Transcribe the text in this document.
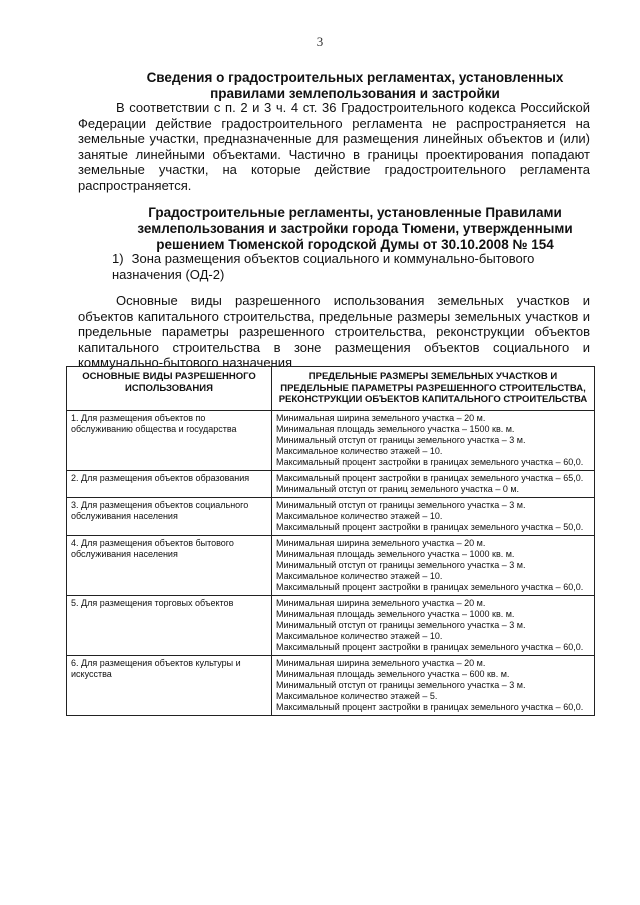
3
Сведения о градостроительных регламентах, установленных правилами землепользования и застройки
В соответствии с п. 2 и 3 ч. 4 ст. 36 Градостроительного кодекса Российской Федерации действие градостроительного регламента не распространяется на земельные участки, предназначенные для размещения линейных объектов и (или) занятые линейными объектами. Частично в границы проектирования попадают земельные участки, на которые действие градостроительного регламента распространяется.
Градостроительные регламенты, установленные Правилами землепользования и застройки города Тюмени, утвержденными решением Тюменской городской Думы от 30.10.2008 № 154
1) Зона размещения объектов социального и коммунально-бытового назначения (ОД-2)
Основные виды разрешенного использования земельных участков и объектов капитального строительства, предельные размеры земельных участков и предельные параметры разрешенного строительства, реконструкции объектов капитального строительства в зоне размещения объектов социального и коммунально-бытового назначения
ОСНОВНЫЕ ВИДЫ РАЗРЕШЕННОГО ИСПОЛЬЗОВАНИЯ	ПРЕДЕЛЬНЫЕ РАЗМЕРЫ ЗЕМЕЛЬНЫХ УЧАСТКОВ И ПРЕДЕЛЬНЫЕ ПАРАМЕТРЫ РАЗРЕШЕННОГО СТРОИТЕЛЬСТВА, РЕКОНСТРУКЦИИ ОБЪЕКТОВ КАПИТАЛЬНОГО СТРОИТЕЛЬСТВА
1. Для размещения объектов по обслуживанию общества и государства	Минимальная ширина земельного участка – 20 м.
Минимальная площадь земельного участка – 1500 кв. м.
Минимальный отступ от границы земельного участка – 3 м.
Максимальное количество этажей – 10.
Максимальный процент застройки в границах земельного участка – 60,0.

2. Для размещения объектов образования	Максимальный процент застройки в границах земельного участка – 65,0.
Минимальный отступ от границ земельного участка – 0 м.

3. Для размещения объектов социального обслуживания населения	Минимальный отступ от границы земельного участка – 3 м.
Максимальное количество этажей – 10.
Максимальный процент застройки в границах земельного участка – 50,0.

4. Для размещения объектов бытового обслуживания населения	Минимальная ширина земельного участка – 20 м.
Минимальная площадь земельного участка – 1000 кв. м.
Минимальный отступ от границы земельного участка – 3 м.
Максимальное количество этажей – 10.
Максимальный процент застройки в границах земельного участка – 60,0.

5. Для размещения торговых объектов	Минимальная ширина земельного участка – 20 м.
Минимальная площадь земельного участка – 1000 кв. м.
Минимальный отступ от границы земельного участка – 3 м.
Максимальное количество этажей – 10.
Максимальный процент застройки в границах земельного участка – 60,0.

6. Для размещения объектов культуры и искусства	Минимальная ширина земельного участка – 20 м.
Минимальная площадь земельного участка – 600 кв. м.
Минимальный отступ от границы земельного участка – 3 м.
Максимальное количество этажей – 5.
Максимальный процент застройки в границах земельного участка – 60,0.
